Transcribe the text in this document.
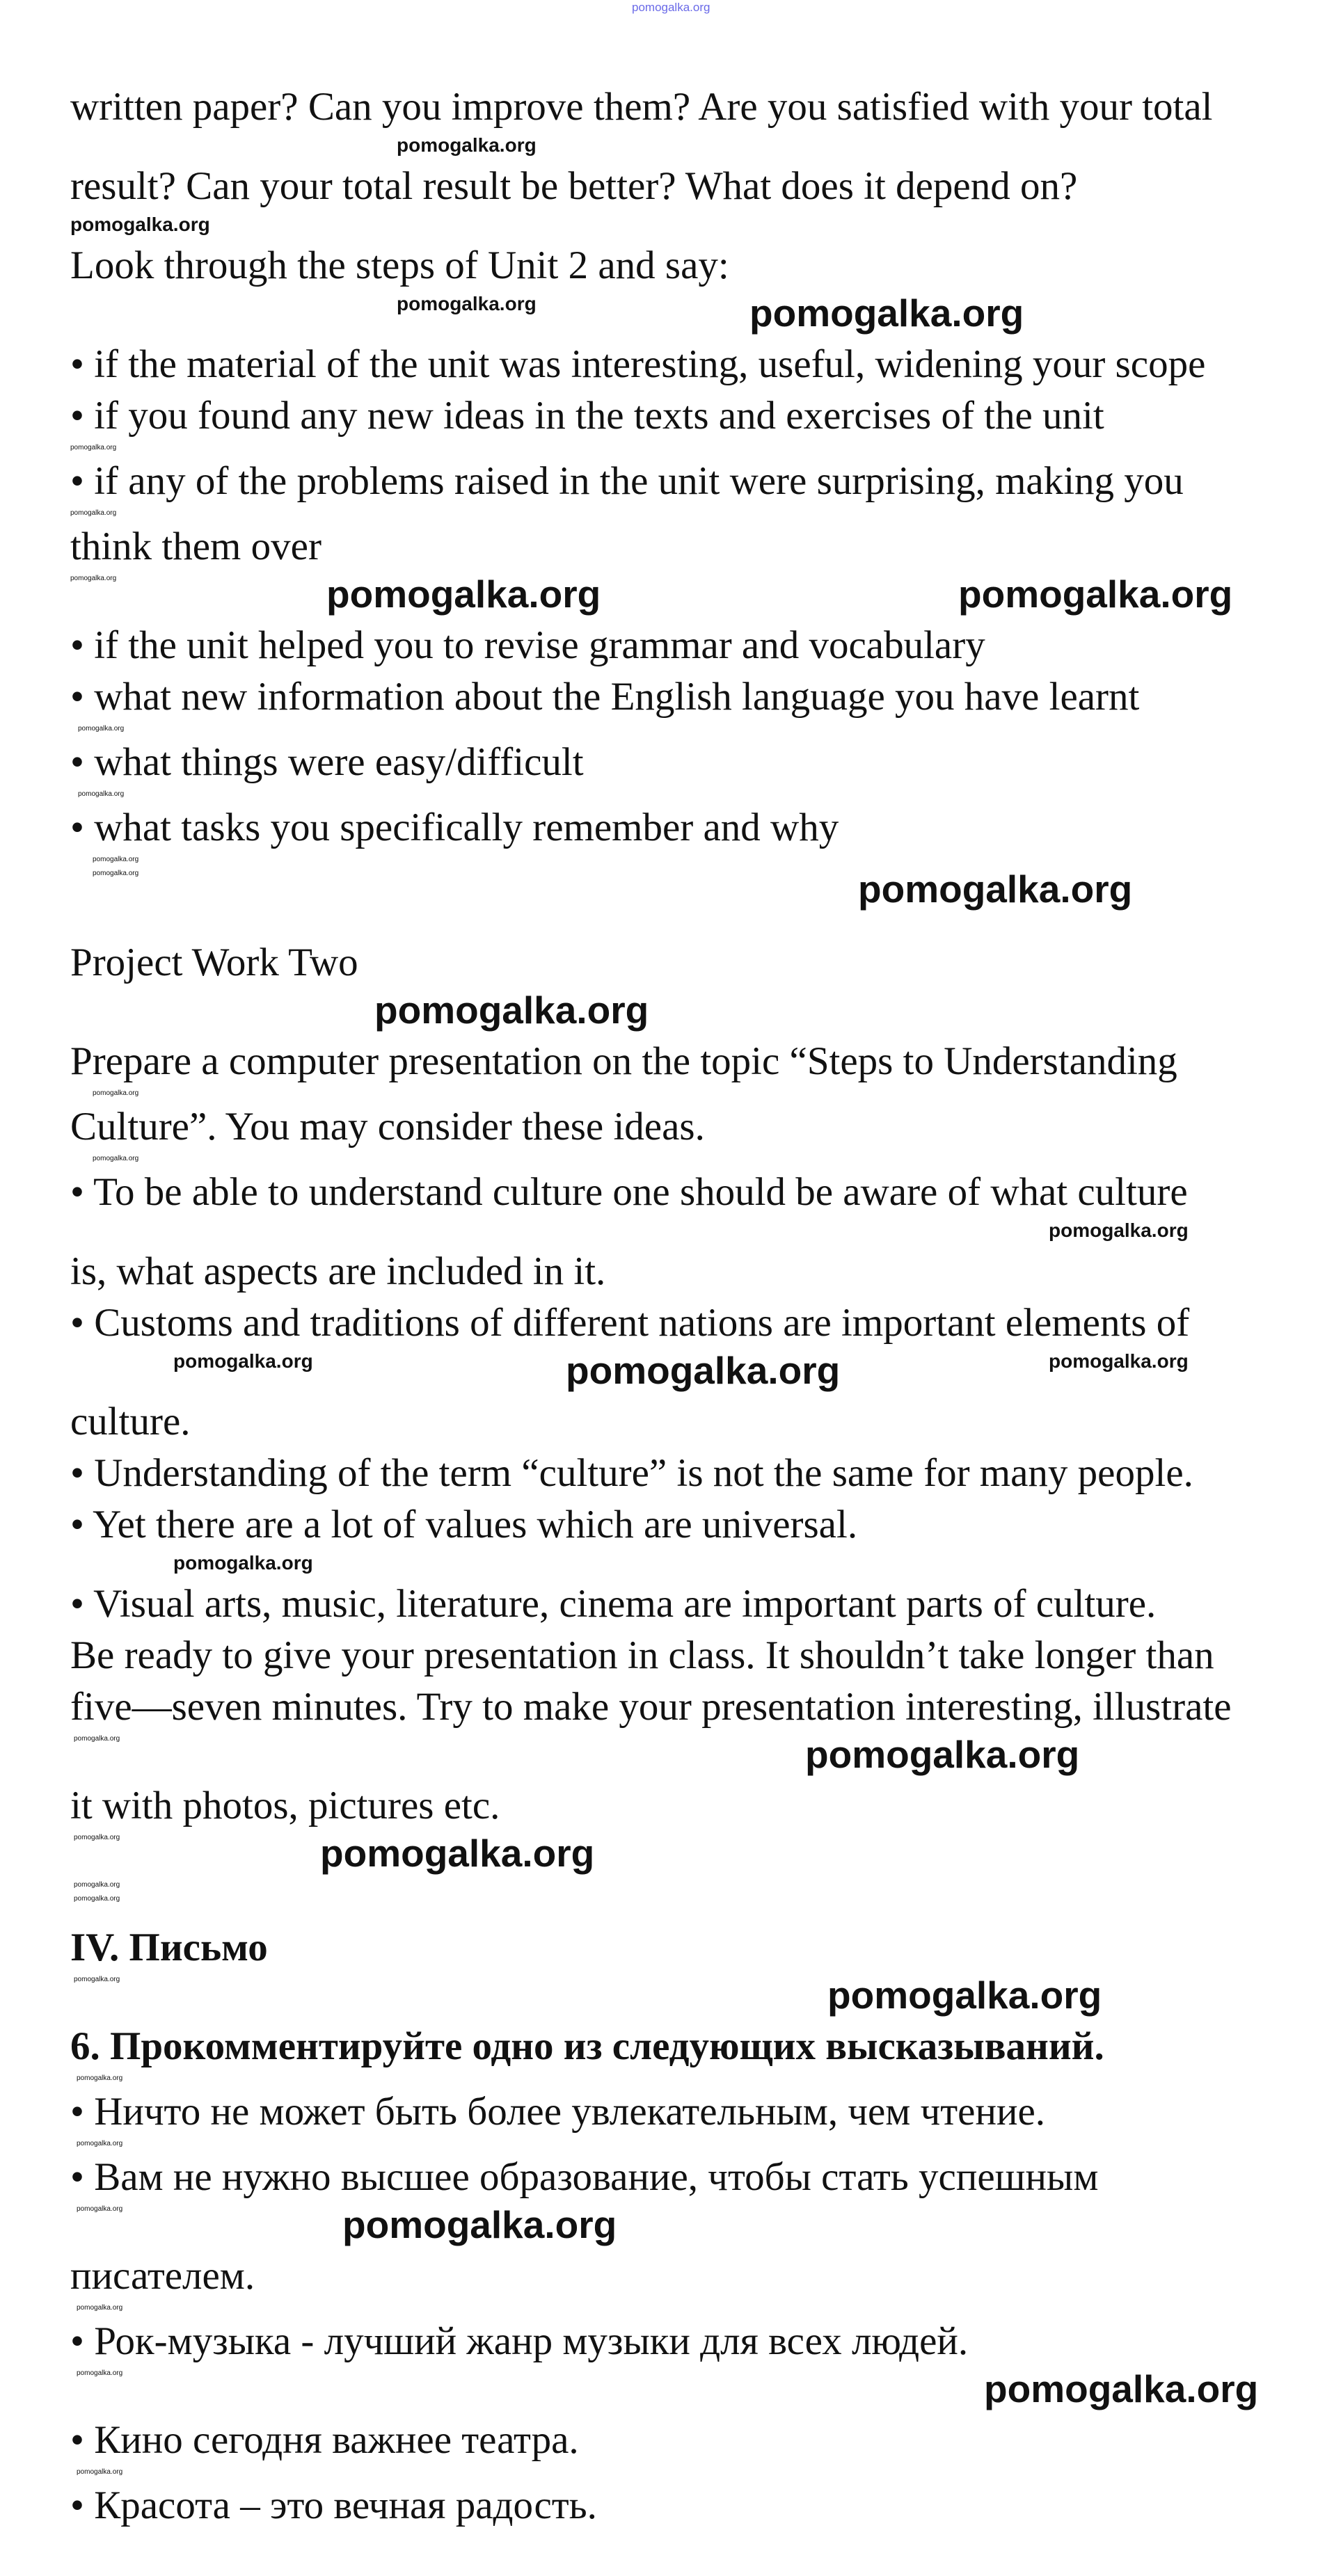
pomogalka.org
written paper? Can you improve them? Are you satisfied with your total
pomogalka.org
result? Can your total result be better? What does it depend on?
pomogalka.org
Look through the steps of Unit 2 and say:
pomogalka.org	pomogalka.org
• if the material of the unit was interesting, useful, widening your scope
• if you found any new ideas in the texts and exercises of the unit
pomogalka.org
• if any of the problems raised in the unit were surprising, making you
pomogalka.org
think them over
pomogalka.org	pomogalka.org	pomogalka.org
• if the unit helped you to revise grammar and vocabulary
• what new information about the English language you have learnt
pomogalka.org
• what things were easy/difficult
pomogalka.org
• what tasks you specifically remember and why
pomogalka.org
pomogalka.org	pomogalka.org
Project Work Two
pomogalka.org
Prepare a computer presentation on the topic “Steps to Understanding
pomogalka.org
Culture”. You may consider these ideas.
pomogalka.org
• To be able to understand culture one should be aware of what culture
pomogalka.org
is, what aspects are included in it.
• Customs and traditions of different nations are important elements of
pomogalka.org	pomogalka.org	pomogalka.org
culture.
• Understanding of the term “culture” is not the same for many people.
• Yet there are a lot of values which are universal.
pomogalka.org
• Visual arts, music, literature, cinema are important parts of culture.
Be ready to give your presentation in class. It shouldn’t take longer than
five—seven minutes. Try to make your presentation interesting, illustrate
pomogalka.org	pomogalka.org
it with photos, pictures etc.
pomogalka.org	pomogalka.org
pomogalka.org
pomogalka.org
IV. Письмо
pomogalka.org	pomogalka.org
6. Прокомментируйте одно из следующих высказываний.
pomogalka.org
• Ничто не может быть более увлекательным, чем чтение.
pomogalka.org
• Вам не нужно высшее образование, чтобы стать успешным
pomogalka.org	pomogalka.org
писателем.
pomogalka.org
• Рок-музыка - лучший жанр музыки для всех людей.
pomogalka.org	pomogalka.org
• Кино сегодня важнее театра.
pomogalka.org
• Красота – это вечная радость.
